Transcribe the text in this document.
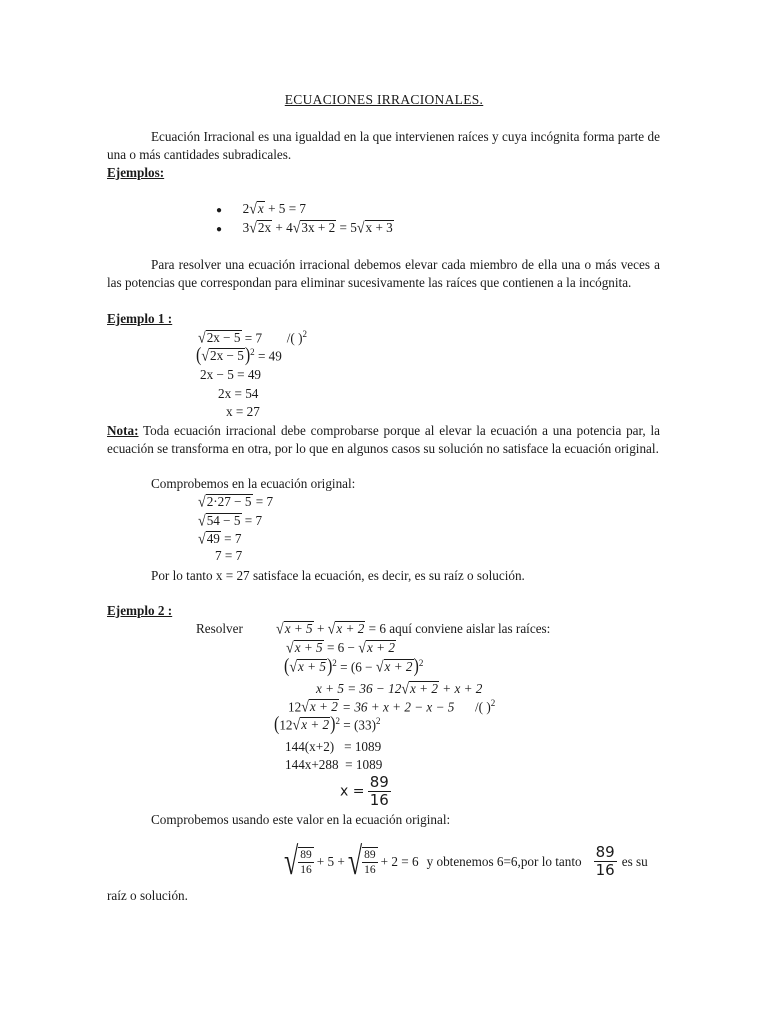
ECUACIONES IRRACIONALES.
Ecuación Irracional es una igualdad en la que intervienen raíces y cuya incógnita forma parte de una o más cantidades subradicales.
Ejemplos:
● 2√x + 5 = 7
● 3√2x + 4√3x + 2 = 5√x + 3
Para resolver una ecuación irracional debemos elevar cada miembro de ella una o más veces a las potencias que correspondan para eliminar sucesivamente las raíces que contienen a la incógnita.
Ejemplo 1 :
√2x − 5 = 7 /( )$^2$
$(√2x - 5)^2 = 49$
2x − 5 = 49
2x = 54
x = 27
Nota: Toda ecuación irracional debe comprobarse porque al elevar la ecuación a una potencia par, la ecuación se transforma en otra, por lo que en algunos casos su solución no satisface la ecuación original.
Comprobemos en la ecuación original:
√2·27 − 5 = 7
√54 − 5 = 7
√49 = 7
7 = 7
Por lo tanto x = 27 satisface la ecuación, es decir, es su raíz o solución.
Ejemplo 2 :
Resolver √x + 5 + √x + 2 = 6 aquí conviene aislar las raíces:
√x + 5 = 6 − √x + 2
$(√x + 5)^2 = (6 - √x + 2)^2$
x + 5 = 36 − 12√x + 2 + x + 2
12√x + 2 = 36 + x + 2 − x − 5 /( )$^2$
$(12√x + 2)^2 = (33)^2$
144(x+2)   = 1089
144x+288  = 1089
$x = \frac{89}{16}$
Comprobemos usando este valor en la ecuación original:
√ $\frac{89}{16} + 5$ + √ $\frac{89}{16} + 2 = 6$ y obtenemos 6=6,por lo tanto $\frac{89}{16}$ es su
raíz o solución.
